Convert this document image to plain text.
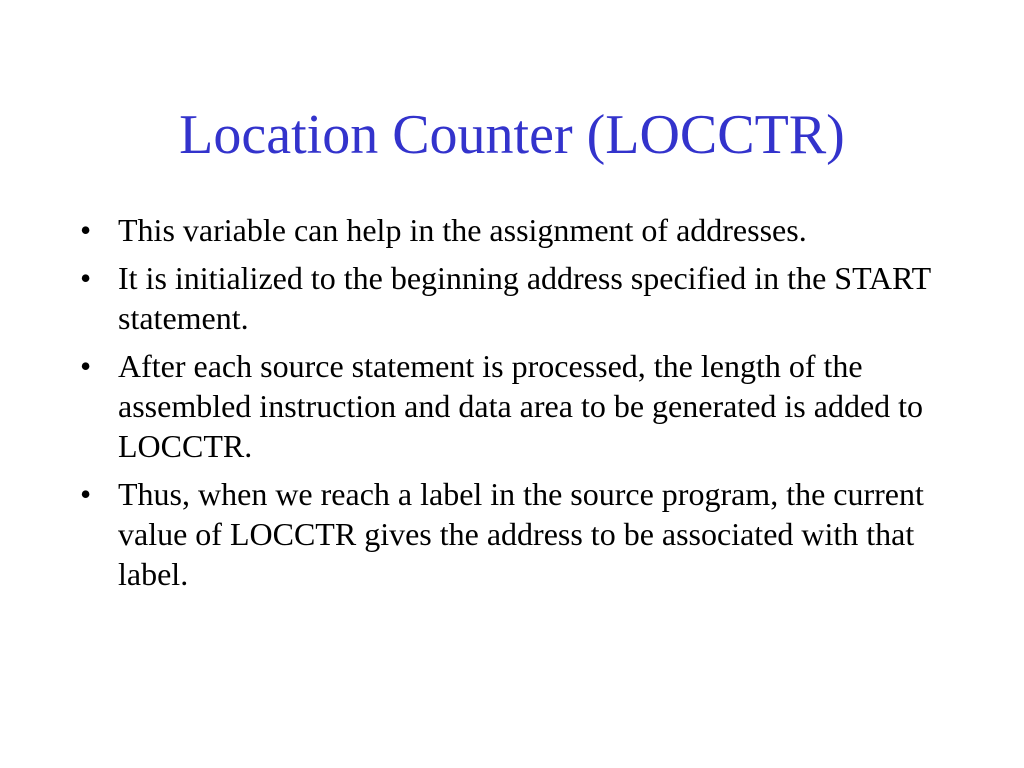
Location Counter (LOCCTR)
• This variable can help in the assignment of addresses.
• It is initialized to the beginning address specified in the START statement.
• After each source statement is processed, the length of the assembled instruction and data area to be generated is added to LOCCTR.
• Thus, when we reach a label in the source program, the current value of LOCCTR gives the address to be associated with that label.
